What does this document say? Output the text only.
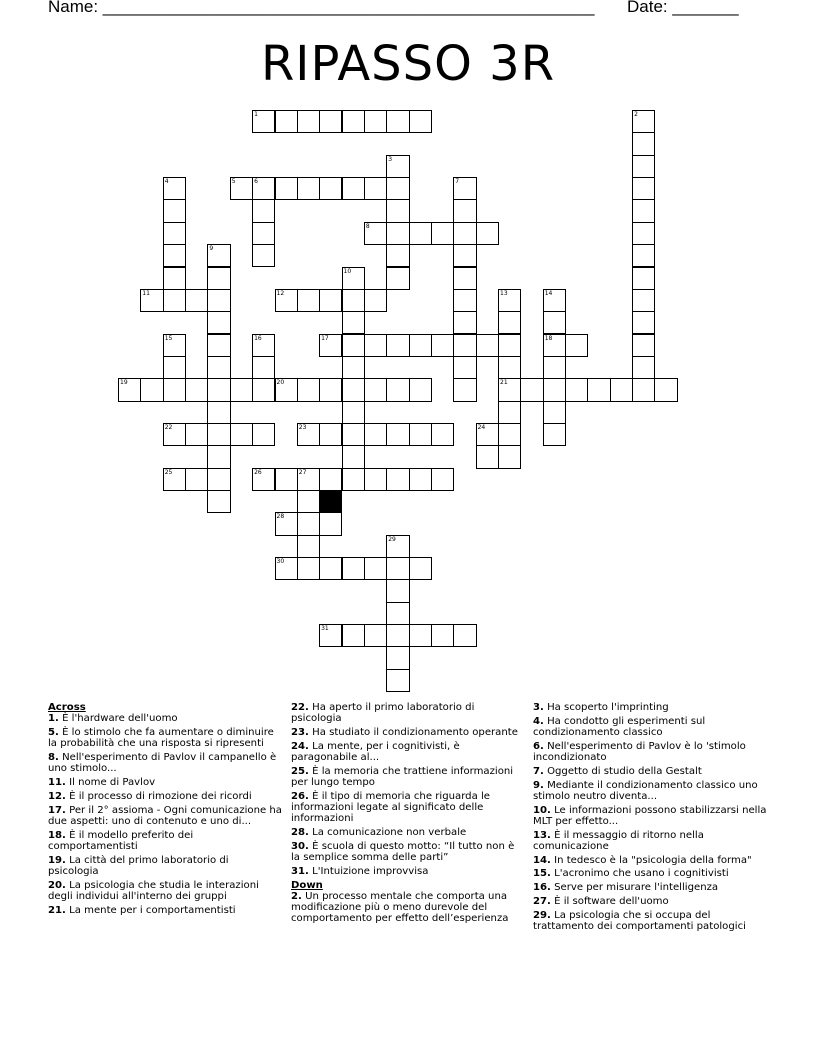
Name: ____________________________________________________ Date: _______
RIPASSO 3R
1	2
3
4	5	6	7
8
9
10
11	12	13
21
14
18
15	16	17
19	20
22	23	24
25	26	27
28
29
30
31
Across
1. È l'hardware dell'uomo
5. È lo stimolo che fa aumentare o diminuire la probabilità che una risposta si ripresenti
8. Nell'esperimento di Pavlov il campanello è uno stimolo...
11. Il nome di Pavlov
12. È il processo di rimozione dei ricordi
17. Per il 2° assioma - Ogni comunicazione ha due aspetti: uno di contenuto e uno di...
18. È il modello preferito dei comportamentisti
19. La città del primo laboratorio di psicologia
20. La psicologia che studia le interazioni degli individui all'interno dei gruppi
21. La mente per i comportamentisti
22. Ha aperto il primo laboratorio di psicologia
23. Ha studiato il condizionamento operante
24. La mente, per i cognitivisti, è paragonabile al...
25. È la memoria che trattiene informazioni per lungo tempo
26. È il tipo di memoria che riguarda le informazioni legate al significato delle informazioni
28. La comunicazione non verbale
30. È scuola di questo motto: “Il tutto non è la semplice somma delle parti”
31. L'Intuizione improvvisa
Down
2. Un processo mentale che comporta una modificazione più o meno durevole del comportamento per effetto dell’esperienza
3. Ha scoperto l'imprinting
4. Ha condotto gli esperimenti sul condizionamento classico
6. Nell'esperimento di Pavlov è lo 'stimolo incondizionato
7. Oggetto di studio della Gestalt
9. Mediante il condizionamento classico uno stimolo neutro diventa...
10. Le informazioni possono stabilizzarsi nella MLT per effetto...
13. È il messaggio di ritorno nella comunicazione
14. In tedesco è la "psicologia della forma"
15. L'acronimo che usano i cognitivisti
16. Serve per misurare l'intelligenza
27. È il software dell'uomo
29. La psicologia che si occupa del trattamento dei comportamenti patologici
